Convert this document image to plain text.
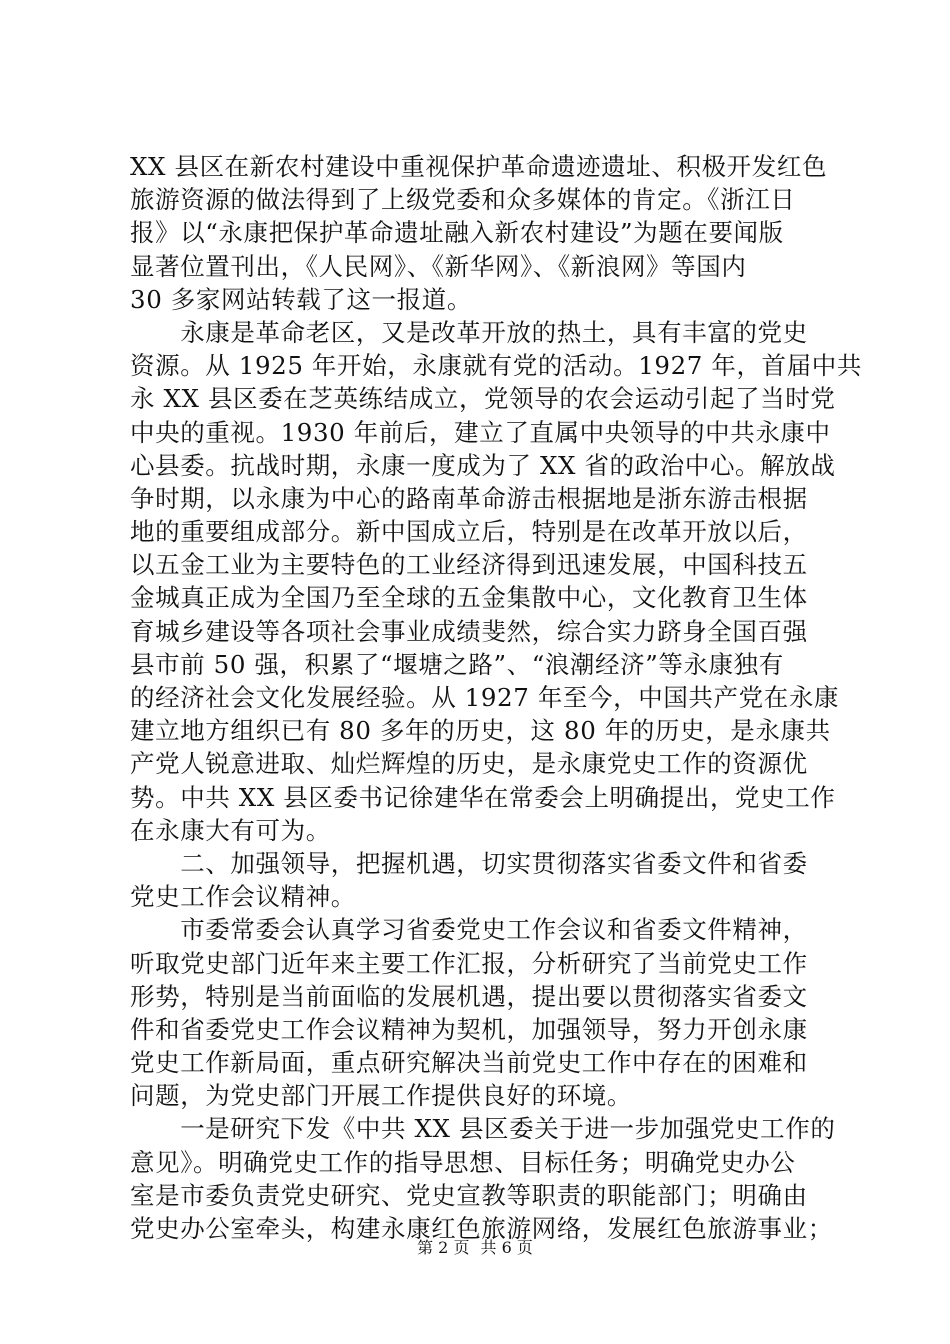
XX 县区在新农村建设中重视保护革命遗迹遗址、积极开发红色
旅游资源的做法得到了上级党委和众多媒体的肯定。《浙江日
报》以“永康把保护革命遗址融入新农村建设”为题在要闻版
显著位置刊出，《人民网》、《新华网》、《新浪网》等国内
30 多家网站转载了这一报道。
　　永康是革命老区，又是改革开放的热土，具有丰富的党史
资源。从 1925 年开始，永康就有党的活动。1927 年，首届中共
永 XX 县区委在芝英练结成立，党领导的农会运动引起了当时党
中央的重视。1930 年前后，建立了直属中央领导的中共永康中
心县委。抗战时期，永康一度成为了 XX 省的政治中心。解放战
争时期，以永康为中心的路南革命游击根据地是浙东游击根据
地的重要组成部分。新中国成立后，特别是在改革开放以后，
以五金工业为主要特色的工业经济得到迅速发展，中国科技五
金城真正成为全国乃至全球的五金集散中心，文化教育卫生体
育城乡建设等各项社会事业成绩斐然，综合实力跻身全国百强
县市前 50 强，积累了“堰塘之路”、“浪潮经济”等永康独有
的经济社会文化发展经验。从 1927 年至今，中国共产党在永康
建立地方组织已有 80 多年的历史，这 80 年的历史，是永康共
产党人锐意进取、灿烂辉煌的历史，是永康党史工作的资源优
势。中共 XX 县区委书记徐建华在常委会上明确提出，党史工作
在永康大有可为。
　　二、加强领导，把握机遇，切实贯彻落实省委文件和省委
党史工作会议精神。
　　市委常委会认真学习省委党史工作会议和省委文件精神，
听取党史部门近年来主要工作汇报，分析研究了当前党史工作
形势，特别是当前面临的发展机遇，提出要以贯彻落实省委文
件和省委党史工作会议精神为契机，加强领导，努力开创永康
党史工作新局面，重点研究解决当前党史工作中存在的困难和
问题，为党史部门开展工作提供良好的环境。
　　一是研究下发《中共 XX 县区委关于进一步加强党史工作的
意见》。明确党史工作的指导思想、目标任务；明确党史办公
室是市委负责党史研究、党史宣教等职责的职能部门；明确由
党史办公室牵头，构建永康红色旅游网络，发展红色旅游事业；
第 2 页 共 6 页
